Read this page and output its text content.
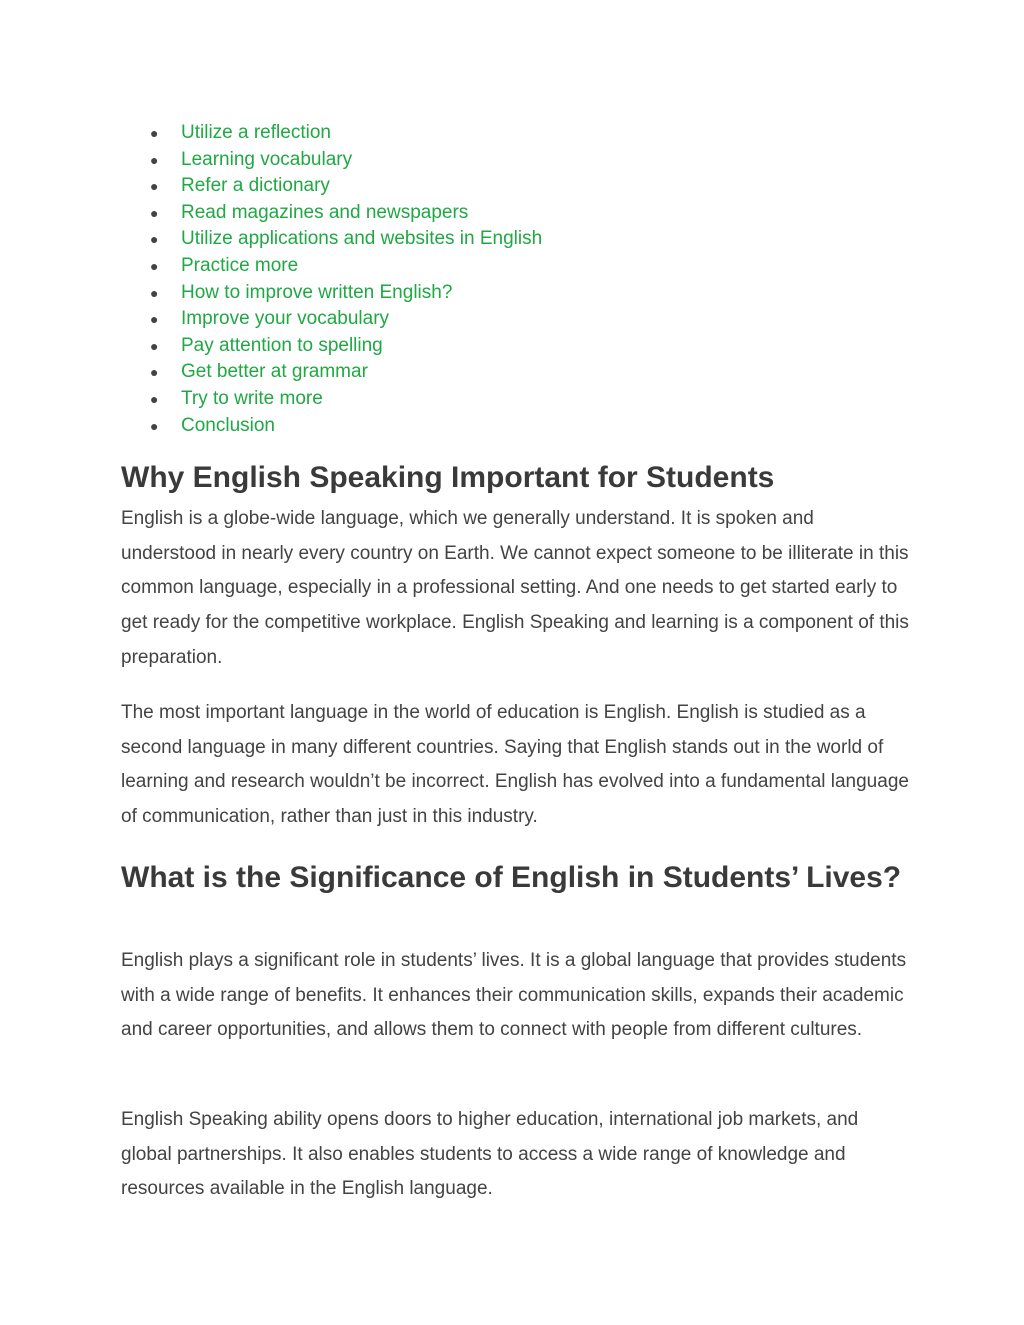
● Utilize a reflection
● Learning vocabulary
● Refer a dictionary
● Read magazines and newspapers
● Utilize applications and websites in English
● Practice more
● How to improve written English?
● Improve your vocabulary
● Pay attention to spelling
● Get better at grammar
● Try to write more
● Conclusion
Why English Speaking Important for Students

English is a globe-wide language, which we generally understand. It is spoken and understood in nearly every country on Earth. We cannot expect someone to be illiterate in this common language, especially in a professional setting. And one needs to get started early to get ready for the competitive workplace. English Speaking and learning is a component of this preparation.

The most important language in the world of education is English. English is studied as a second language in many different countries. Saying that English stands out in the world of learning and research wouldn’t be incorrect. English has evolved into a fundamental language of communication, rather than just in this industry.

What is the Significance of English in Students’ Lives?

English plays a significant role in students’ lives. It is a global language that provides students with a wide range of benefits. It enhances their communication skills, expands their academic and career opportunities, and allows them to connect with people from different cultures.

English Speaking ability opens doors to higher education, international job markets, and global partnerships. It also enables students to access a wide range of knowledge and resources available in the English language.
